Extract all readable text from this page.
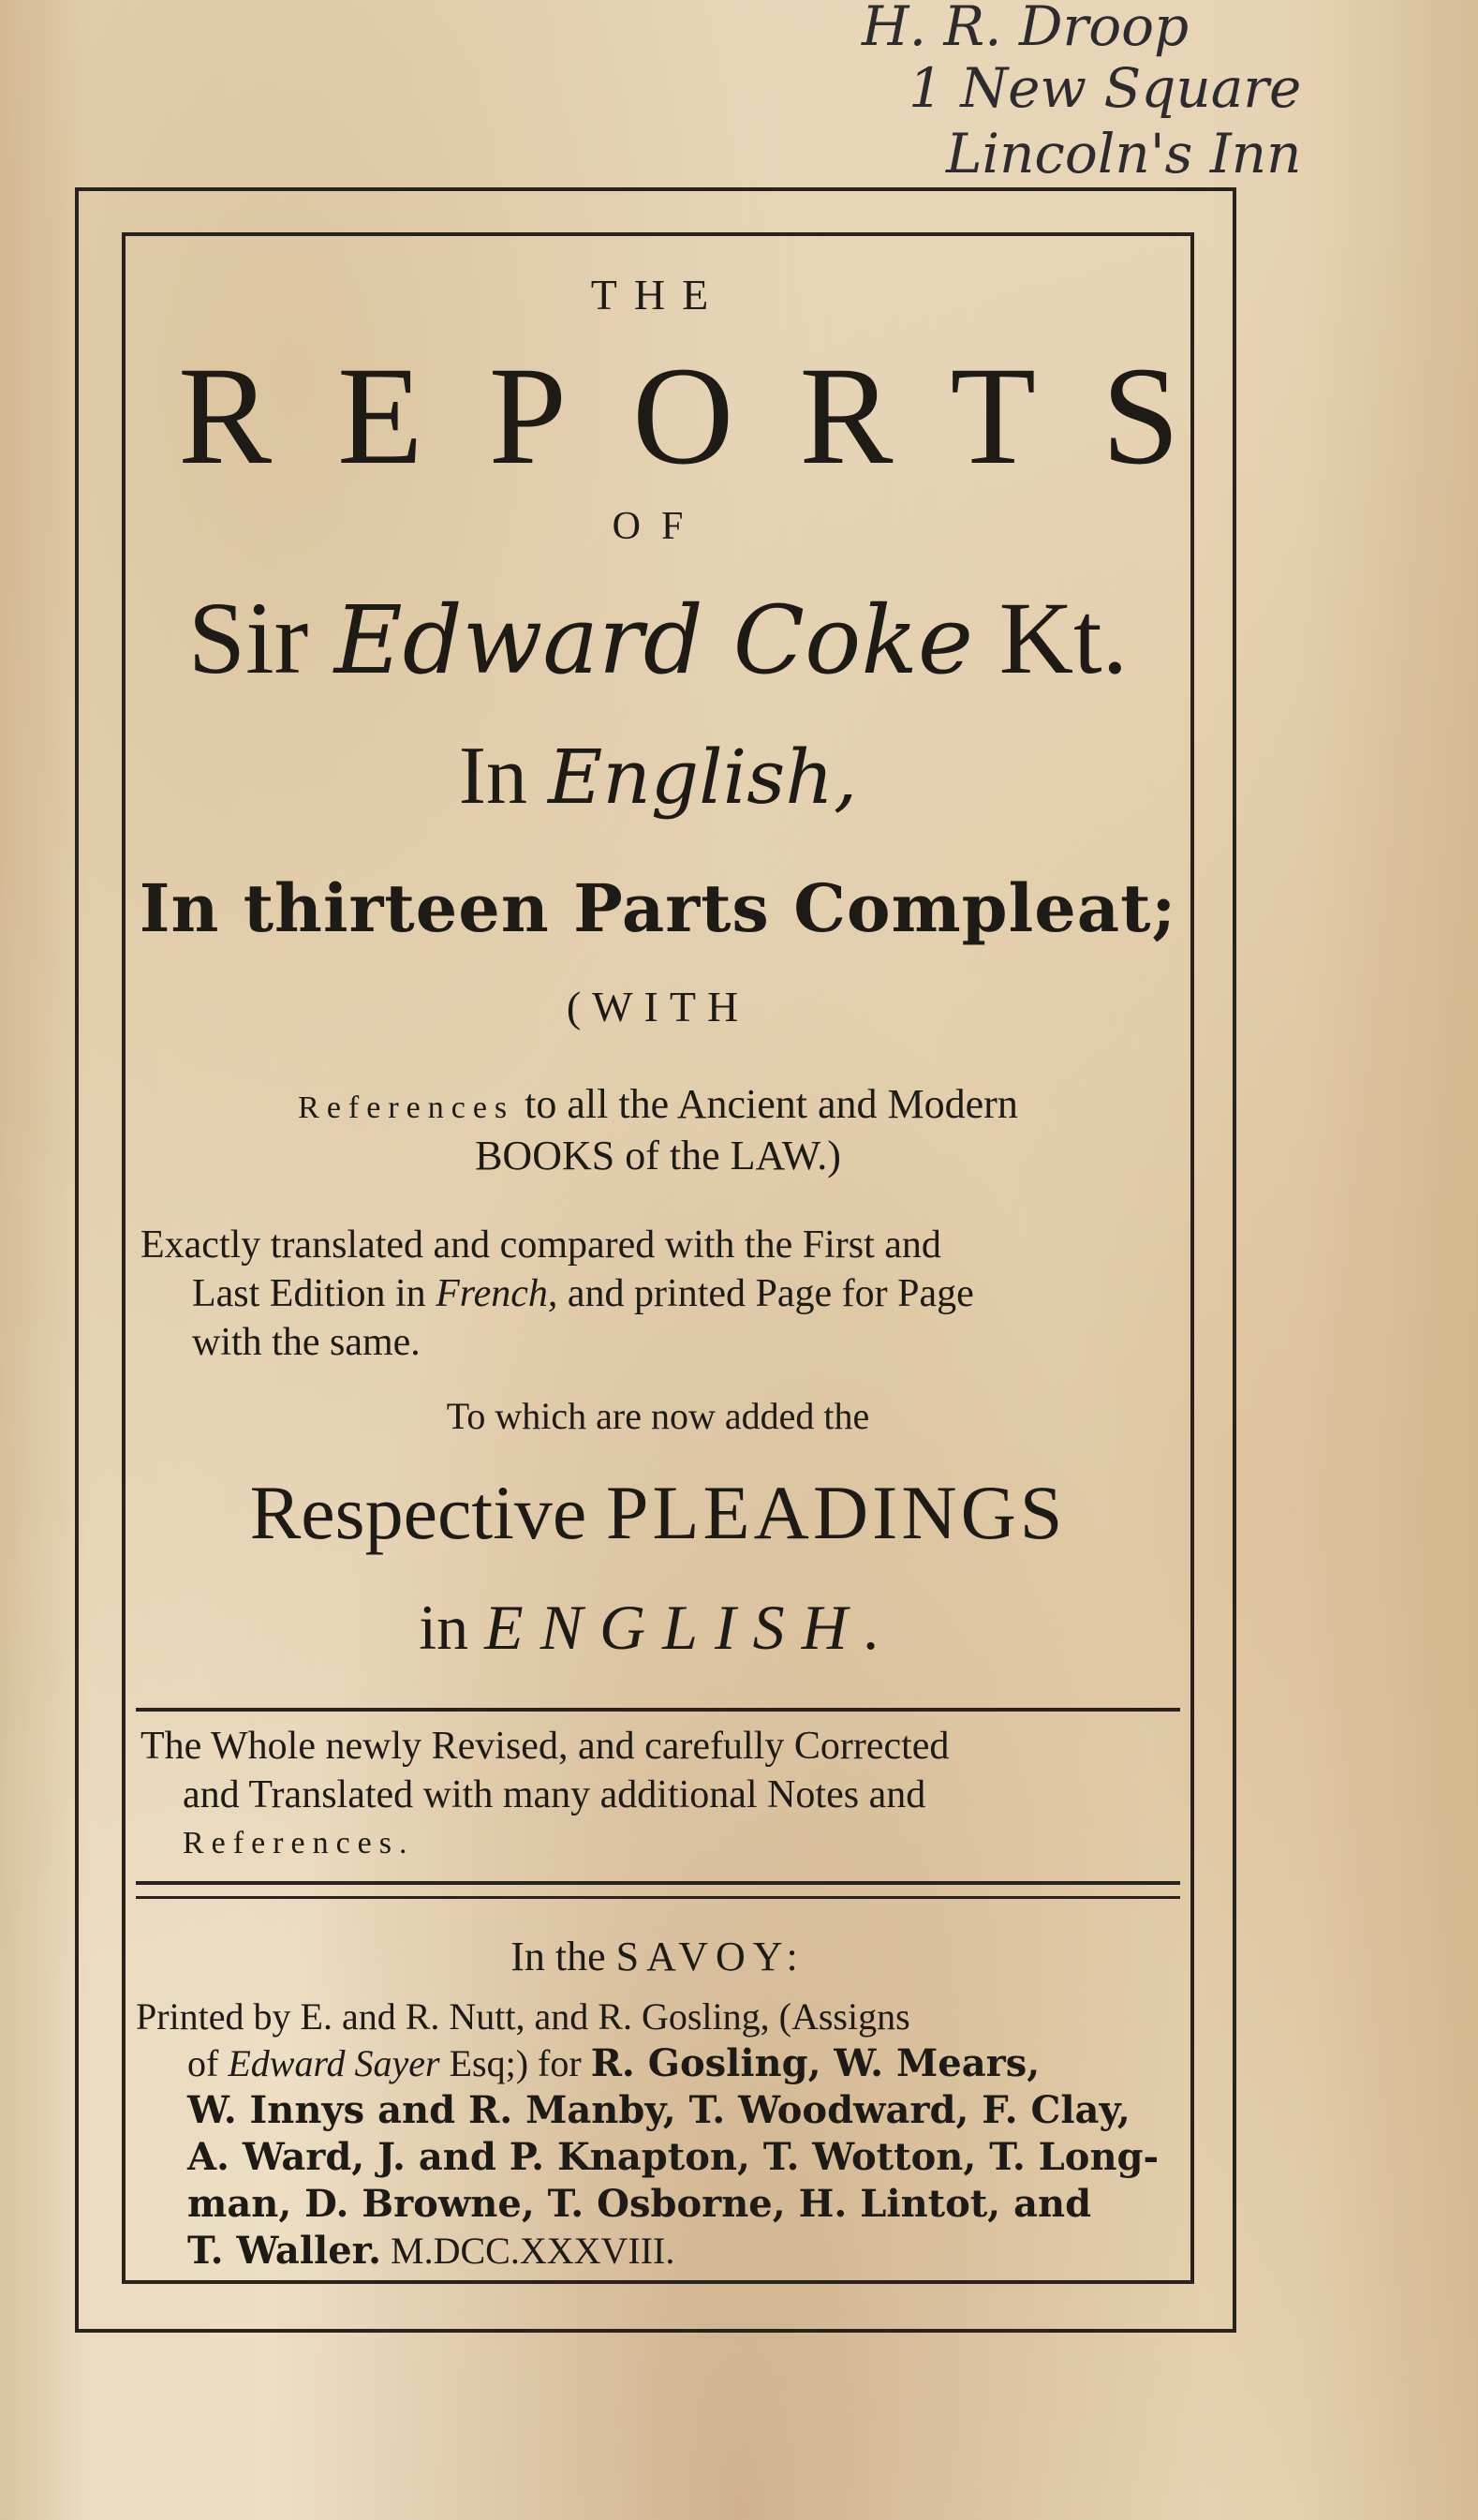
H. R. Droop
1 New Square
Lincoln's Inn
THE
REPORTS
OF
Sir Edward Coke Kt.
In English,
In thirteen Parts Compleat;
(WITH
References to all the Ancient and Modern
BOOKS of the LAW.)
Exactly translated and compared with the First and
Last Edition in French, and printed Page for Page
with the same.
To which are now added the
Respective PLEADINGS
in ENGLISH.
The Whole newly Revised, and carefully Corrected
and Translated with many additional Notes and
References.
In the SAVOY:
Printed by E. and R. Nutt, and R. Gosling, (Assigns
of Edward Sayer Esq;) for R. Gosling, W. Mears,
W. Innys and R. Manby, T. Woodward, F. Clay,
A. Ward, J. and P. Knapton, T. Wotton, T. Long-
man, D. Browne, T. Osborne, H. Lintot, and
T. Waller. M.DCC.XXXVIII.
